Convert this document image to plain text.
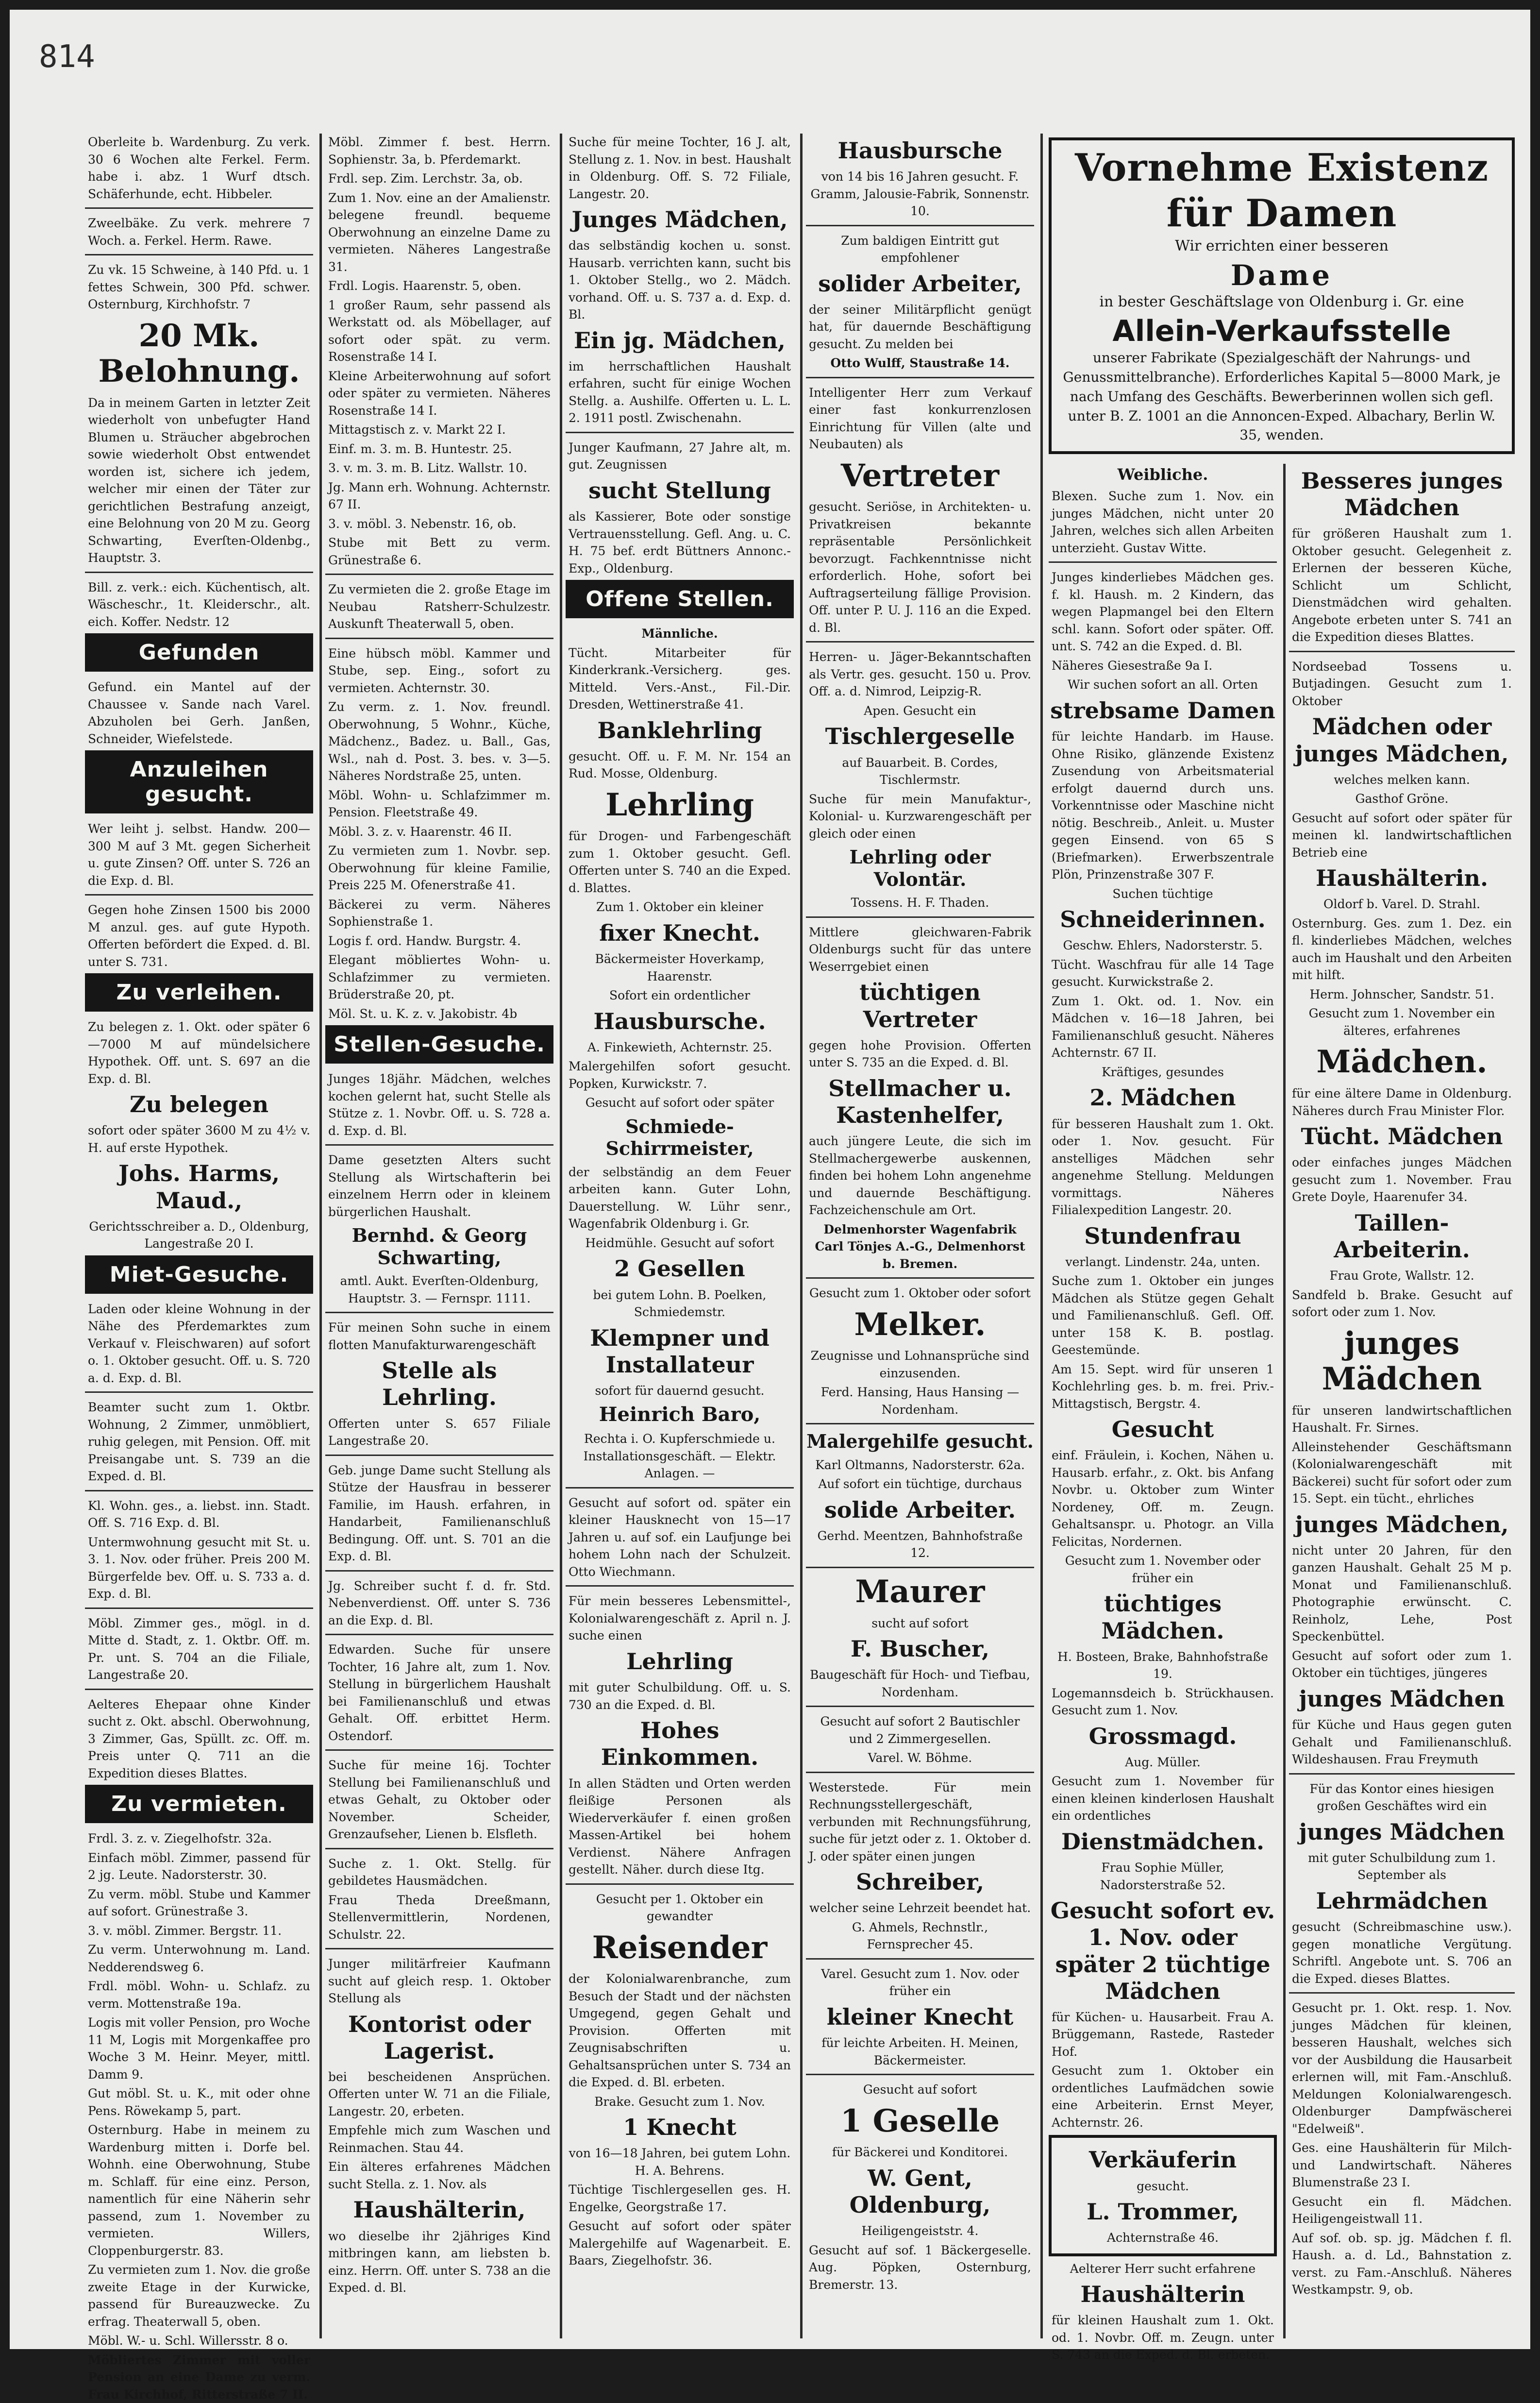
814
Oberleite b. Wardenburg. Zu verk. 30 6 Wochen alte Ferkel. Ferm. habe i. abz. 1 Wurf dtsch. Schäferhunde, echt. Hibbeler.
Zweelbäke. Zu verk. mehrere 7 Woch. a. Ferkel. Herm. Rawe.
Zu vk. 15 Schweine, à 140 Pfd. u. 1 fettes Schwein, 300 Pfd. schwer. Osternburg, Kirchhofstr. 7
20 Mk. Belohnung.
Da in meinem Garten in letzter Zeit wiederholt von unbefugter Hand Blumen u. Sträucher abgebrochen sowie wiederholt Obst entwendet worden ist, sichere ich jedem, welcher mir einen der Täter zur gerichtlichen Bestrafung anzeigt, eine Belohnung von 20 M zu. Georg Schwarting, Everſten-Oldenbg., Hauptstr. 3.
Bill. z. verk.: eich. Küchentisch, alt. Wäscheschr., 1t. Kleiderschr., alt. eich. Koffer. Nedstr. 12
Gefunden
Gefund. ein Mantel auf der Chaussee v. Sande nach Varel. Abzuholen bei Gerh. Janßen, Schneider, Wiefelstede.
Anzuleihen gesucht.
Wer leiht j. selbst. Handw. 200—300 M auf 3 Mt. gegen Sicherheit u. gute Zinsen? Off. unter S. 726 an die Exp. d. Bl.
Gegen hohe Zinsen 1500 bis 2000 M anzul. ges. auf gute Hypoth. Offerten befördert die Exped. d. Bl. unter S. 731.
Zu verleihen.
Zu belegen z. 1. Okt. oder später 6—7000 M auf mündelsichere Hypothek. Off. unt. S. 697 an die Exp. d. Bl.
Zu belegen
sofort oder später 3600 M zu 4½ v. H. auf erste Hypothek.
Johs. Harms, Maud.,
Gerichtsschreiber a. D., Oldenburg, Langestraße 20 I.
Miet-Gesuche.
Laden oder kleine Wohnung in der Nähe des Pferdemarktes zum Verkauf v. Fleischwaren) auf sofort o. 1. Oktober gesucht. Off. u. S. 720 a. d. Exp. d. Bl.
Beamter sucht zum 1. Oktbr. Wohnung, 2 Zimmer, unmöbliert, ruhig gelegen, mit Pension. Off. mit Preisangabe unt. S. 739 an die Exped. d. Bl.
Kl. Wohn. ges., a. liebst. inn. Stadt. Off. S. 716 Exp. d. Bl.
Untermwohnung gesucht mit St. u. 3. 1. Nov. oder früher. Preis 200 M. Bürgerfelde bev. Off. u. S. 733 a. d. Exp. d. Bl.
Möbl. Zimmer ges., mögl. in d. Mitte d. Stadt, z. 1. Oktbr. Off. m. Pr. unt. S. 704 an die Filiale, Langestraße 20.
Aelteres Ehepaar ohne Kinder sucht z. Okt. abschl. Oberwohnung, 3 Zimmer, Gas, Spüllt. zc. Off. m. Preis unter Q. 711 an die Expedition dieses Blattes.
Zu vermieten.
Frdl. 3. z. v. Ziegelhofstr. 32a.
Einfach möbl. Zimmer, passend für 2 jg. Leute. Nadorsterstr. 30.
Zu verm. möbl. Stube und Kammer auf sofort. Grünestraße 3.
3. v. möbl. Zimmer. Bergstr. 11.
Zu verm. Unterwohnung m. Land. Nedderendsweg 6.
Frdl. möbl. Wohn- u. Schlafz. zu verm. Mottenstraße 19a.
Logis mit voller Pension, pro Woche 11 M, Logis mit Morgenkaffee pro Woche 3 M. Heinr. Meyer, mittl. Damm 9.
Gut möbl. St. u. K., mit oder ohne Pens. Röwekamp 5, part.
Osternburg. Habe in meinem zu Wardenburg mitten i. Dorfe bel. Wohnh. eine Oberwohnung, Stube m. Schlaff. für eine einz. Person, namentlich für eine Näherin sehr passend, zum 1. November zu vermieten. Willers, Cloppenburgerstr. 83.
Zu vermieten zum 1. Nov. die große zweite Etage in der Kurwicke, passend für Bureauzwecke. Zu erfrag. Theaterwall 5, oben.
Möbl. W.- u. Schl. Willersstr. 8 o.
Möbliertes Zimmer mit voller Pension an eine Dame zu verm. Frau Kirchhof, Ritterstraße 7 II.
Möbl. Zimmer f. best. Herrn. Sophienstr. 3a, b. Pferdemarkt.
Frdl. sep. Zim. Lerchstr. 3a, ob.
Zum 1. Nov. eine an der Amalienstr. belegene freundl. bequeme Oberwohnung an einzelne Dame zu vermieten. Näheres Langestraße 31.
Frdl. Logis. Haarenstr. 5, oben.
1 großer Raum, sehr passend als Werkstatt od. als Möbellager, auf sofort oder spät. zu verm. Rosenstraße 14 I.
Kleine Arbeiterwohnung auf sofort oder später zu vermieten. Näheres Rosenstraße 14 I.
Mittagstisch z. v. Markt 22 I.
Einf. m. 3. m. B. Huntestr. 25.
3. v. m. 3. m. B. Litz. Wallstr. 10.
Jg. Mann erh. Wohnung. Achternstr. 67 II.
3. v. möbl. 3. Nebenstr. 16, ob.
Stube mit Bett zu verm. Grünestraße 6.
Zu vermieten die 2. große Etage im Neubau Ratsherr-Schulzestr. Auskunft Theaterwall 5, oben.
Eine hübsch möbl. Kammer und Stube, sep. Eing., sofort zu vermieten. Achternstr. 30.
Zu verm. z. 1. Nov. freundl. Oberwohnung, 5 Wohnr., Küche, Mädchenz., Badez. u. Ball., Gas, Wsl., nah d. Post. 3. bes. v. 3—5. Näheres Nordstraße 25, unten.
Möbl. Wohn- u. Schlafzimmer m. Pension. Fleetstraße 49.
Möbl. 3. z. v. Haarenstr. 46 II.
Zu vermieten zum 1. Novbr. sep. Oberwohnung für kleine Familie, Preis 225 M. Ofenerstraße 41.
Bäckerei zu verm. Näheres Sophienstraße 1.
Logis f. ord. Handw. Burgstr. 4.
Elegant möbliertes Wohn- u. Schlafzimmer zu vermieten. Brüderstraße 20, pt.
Möl. St. u. K. z. v. Jakobistr. 4b
Stellen-Gesuche.
Junges 18jähr. Mädchen, welches kochen gelernt hat, sucht Stelle als Stütze z. 1. Novbr. Off. u. S. 728 a. d. Exp. d. Bl.
Dame gesetzten Alters sucht Stellung als Wirtschafterin bei einzelnem Herrn oder in kleinem bürgerlichen Haushalt.
Bernhd. & Georg Schwarting,
amtl. Aukt. Everſten-Oldenburg, Hauptstr. 3. — Fernspr. 1111.
Für meinen Sohn suche in einem flotten Manufakturwarengeschäft
Stelle als Lehrling.
Offerten unter S. 657 Filiale Langestraße 20.
Geb. junge Dame sucht Stellung als Stütze der Hausfrau in besserer Familie, im Haush. erfahren, in Handarbeit, Familienanschluß Bedingung. Off. unt. S. 701 an die Exp. d. Bl.
Jg. Schreiber sucht f. d. fr. Std. Nebenverdienst. Off. unter S. 736 an die Exp. d. Bl.
Edwarden. Suche für unsere Tochter, 16 Jahre alt, zum 1. Nov. Stellung in bürgerlichem Haushalt bei Familienanschluß und etwas Gehalt. Off. erbittet Herm. Ostendorf.
Suche für meine 16j. Tochter Stellung bei Familienanschluß und etwas Gehalt, zu Oktober oder November. Scheider, Grenzaufseher, Lienen b. Elsfleth.
Suche z. 1. Okt. Stellg. für gebildetes Hausmädchen.
Frau Theda Dreeßmann, Stellenvermittlerin, Nordenen, Schulstr. 22.
Junger militärfreier Kaufmann sucht auf gleich resp. 1. Oktober Stellung als
Kontorist oder Lagerist.
bei bescheidenen Ansprüchen. Offerten unter W. 71 an die Filiale, Langestr. 20, erbeten.
Empfehle mich zum Waschen und Reinmachen. Stau 44.
Ein älteres erfahrenes Mädchen sucht Stella. z. 1. Nov. als
Haushälterin,
wo dieselbe ihr 2jähriges Kind mitbringen kann, am liebsten b. einz. Herrn. Off. unter S. 738 an die Exped. d. Bl.
Suche für meine Tochter, 16 J. alt, Stellung z. 1. Nov. in best. Haushalt in Oldenburg. Off. S. 72 Filiale, Langestr. 20.
Junges Mädchen,
das selbständig kochen u. sonst. Hausarb. verrichten kann, sucht bis 1. Oktober Stellg., wo 2. Mädch. vorhand. Off. u. S. 737 a. d. Exp. d. Bl.
Ein jg. Mädchen,
im herrschaftlichen Haushalt erfahren, sucht für einige Wochen Stellg. a. Aushilfe. Offerten u. L. L. 2. 1911 postl. Zwischenahn.
Junger Kaufmann, 27 Jahre alt, m. gut. Zeugnissen
sucht Stellung
als Kassierer, Bote oder sonstige Vertrauensstellung. Gefl. Ang. u. C. H. 75 bef. erdt Büttners Annonc.-Exp., Oldenburg.
Offene Stellen.
Männliche.
Tücht. Mitarbeiter für Kinderkrank.-Versicherg. ges. Mitteld. Vers.-Anst., Fil.-Dir. Dresden, Wettinerstraße 41.
Banklehrling
gesucht. Off. u. F. M. Nr. 154 an Rud. Mosse, Oldenburg.
Lehrling
für Drogen- und Farbengeschäft zum 1. Oktober gesucht. Gefl. Offerten unter S. 740 an die Exped. d. Blattes.
Zum 1. Oktober ein kleiner
fixer Knecht.
Bäckermeister Hoverkamp, Haarenstr.
Sofort ein ordentlicher
Hausbursche.
A. Finkewieth, Achternstr. 25.
Malergehilfen sofort gesucht. Popken, Kurwickstr. 7.
Gesucht auf sofort oder später
Schmiede-Schirrmeister,
der selbständig an dem Feuer arbeiten kann. Guter Lohn, Dauerstellung. W. Lühr senr., Wagenfabrik Oldenburg i. Gr.
Heidmühle. Gesucht auf sofort
2 Gesellen
bei gutem Lohn. B. Poelken, Schmiedemstr.
Klempner und Installateur
sofort für dauernd gesucht.
Heinrich Baro,
Rechta i. O. Kupferschmiede u. Installationsgeschäft. — Elektr. Anlagen. —
Gesucht auf sofort od. später ein kleiner Hausknecht von 15—17 Jahren u. auf sof. ein Laufjunge bei hohem Lohn nach der Schulzeit. Otto Wiechmann.
Für mein besseres Lebensmittel-, Kolonialwarengeschäft z. April n. J. suche einen
Lehrling
mit guter Schulbildung. Off. u. S. 730 an die Exped. d. Bl.
Hohes Einkommen.
In allen Städten und Orten werden fleißige Personen als Wiederverkäufer f. einen großen Massen-Artikel bei hohem Verdienst. Nähere Anfragen gestellt. Näher. durch diese Itg.
Gesucht per 1. Oktober ein gewandter
Reisender
der Kolonialwarenbranche, zum Besuch der Stadt und der nächsten Umgegend, gegen Gehalt und Provision. Offerten mit Zeugnisabschriften u. Gehaltsansprüchen unter S. 734 an die Exped. d. Bl. erbeten.
Brake. Gesucht zum 1. Nov.
1 Knecht
von 16—18 Jahren, bei gutem Lohn. H. A. Behrens.
Tüchtige Tischlergesellen ges. H. Engelke, Georgstraße 17.
Gesucht auf sofort oder später Malergehilfe auf Wagenarbeit. E. Baars, Ziegelhofstr. 36.
Hausbursche
von 14 bis 16 Jahren gesucht. F. Gramm, Jalousie-Fabrik, Sonnenstr. 10.
Zum baldigen Eintritt gut empfohlener
solider Arbeiter,
der seiner Militärpflicht genügt hat, für dauernde Beschäftigung gesucht. Zu melden bei
Otto Wulff, Staustraße 14.
Intelligenter Herr zum Verkauf einer fast konkurrenzlosen Einrichtung für Villen (alte und Neubauten) als
Vertreter
gesucht. Seriöse, in Architekten- u. Privatkreisen bekannte repräsentable Persönlichkeit bevorzugt. Fachkenntnisse nicht erforderlich. Hohe, sofort bei Auftragserteilung fällige Provision. Off. unter P. U. J. 116 an die Exped. d. Bl.
Herren- u. Jäger-Bekanntschaften als Vertr. ges. gesucht. 150 u. Prov. Off. a. d. Nimrod, Leipzig-R.
Apen. Gesucht ein
Tischlergeselle
auf Bauarbeit. B. Cordes, Tischlermstr.
Suche für mein Manufaktur-, Kolonial- u. Kurzwarengeschäft per gleich oder einen
Lehrling oder Volontär.
Tossens. H. F. Thaden.
Mittlere gleichwaren-Fabrik Oldenburgs sucht für das untere Weserrgebiet einen
tüchtigen Vertreter
gegen hohe Provision. Offerten unter S. 735 an die Exped. d. Bl.
Stellmacher u. Kastenhelfer,
auch jüngere Leute, die sich im Stellmachergewerbe auskennen, finden bei hohem Lohn angenehme und dauernde Beschäftigung. Fachzeichenschule am Ort.
Delmenhorster Wagenfabrik Carl Tönjes A.-G., Delmenhorst b. Bremen.
Gesucht zum 1. Oktober oder sofort
Melker.
Zeugnisse und Lohnansprüche sind einzusenden.
Ferd. Hansing, Haus Hansing — Nordenham.
Malergehilfe gesucht.
Karl Oltmanns, Nadorsterstr. 62a.
Auf sofort ein tüchtige, durchaus
solide Arbeiter.
Gerhd. Meentzen, Bahnhofstraße 12.
Maurer
sucht auf sofort
F. Buscher,
Baugeschäft für Hoch- und Tiefbau, Nordenham.
Gesucht auf sofort 2 Bautischler und 2 Zimmergesellen.
Varel. W. Böhme.
Westerstede. Für mein Rechnungsstellergeschäft, verbunden mit Rechnungsführung, suche für jetzt oder z. 1. Oktober d. J. oder später einen jungen
Schreiber,
welcher seine Lehrzeit beendet hat.
G. Ahmels, Rechnstlr., Fernsprecher 45.
Varel. Gesucht zum 1. Nov. oder früher ein
kleiner Knecht
für leichte Arbeiten. H. Meinen, Bäckermeister.
Gesucht auf sofort
1 Geselle
für Bäckerei und Konditorei.
W. Gent, Oldenburg,
Heiligengeiststr. 4.
Gesucht auf sof. 1 Bäckergeselle. Aug. Pöpken, Osternburg, Bremerstr. 13.
Vornehme Existenz für Damen
Wir errichten einer besseren
Dame
in bester Geschäftslage von Oldenburg i. Gr. eine
Allein-Verkaufsstelle
unserer Fabrikate (Spezialgeschäft der Nahrungs- und Genussmittelbranche). Erforderliches Kapital 5—8000 Mark, je nach Umfang des Geschäfts. Bewerberinnen wollen sich gefl. unter B. Z. 1001 an die Annoncen-Exped. Albachary, Berlin W. 35, wenden.
Weibliche.
Blexen. Suche zum 1. Nov. ein junges Mädchen, nicht unter 20 Jahren, welches sich allen Arbeiten unterzieht. Gustav Witte.
Junges kinderliebes Mädchen ges. f. kl. Haush. m. 2 Kindern, das wegen Plapmangel bei den Eltern schl. kann. Sofort oder später. Off. unt. S. 742 an die Exped. d. Bl.
Näheres Giesestraße 9a I.
Wir suchen sofort an all. Orten
strebsame Damen
für leichte Handarb. im Hause. Ohne Risiko, glänzende Existenz Zusendung von Arbeitsmaterial erfolgt dauernd durch uns. Vorkenntnisse oder Maschine nicht nötig. Beschreib., Anleit. u. Muster gegen Einsend. von 65 S (Briefmarken). Erwerbszentrale Plön, Prinzenstraße 307 F.
Suchen tüchtige
Schneiderinnen.
Geschw. Ehlers, Nadorsterstr. 5.
Tücht. Waschfrau für alle 14 Tage gesucht. Kurwickstraße 2.
Zum 1. Okt. od. 1. Nov. ein Mädchen v. 16—18 Jahren, bei Familienanschluß gesucht. Näheres Achternstr. 67 II.
Kräftiges, gesundes
2. Mädchen
für besseren Haushalt zum 1. Okt. oder 1. Nov. gesucht. Für anstelliges Mädchen sehr angenehme Stellung. Meldungen vormittags. Näheres Filialexpedition Langestr. 20.
Stundenfrau
verlangt. Lindenstr. 24a, unten.
Suche zum 1. Oktober ein junges Mädchen als Stütze gegen Gehalt und Familienanschluß. Gefl. Off. unter 158 K. B. postlag. Geestemünde.
Am 15. Sept. wird für unseren 1 Kochlehrling ges. b. m. frei. Priv.-Mittagstisch, Bergstr. 4.
Gesucht
einf. Fräulein, i. Kochen, Nähen u. Hausarb. erfahr., z. Okt. bis Anfang Novbr. u. Oktober zum Winter Nordeney, Off. m. Zeugn. Gehaltsanspr. u. Photogr. an Villa Felicitas, Nordernen.
Gesucht zum 1. November oder früher ein
tüchtiges Mädchen.
H. Bosteen, Brake, Bahnhofstraße 19.
Logemannsdeich b. Strückhausen. Gesucht zum 1. Nov.
Grossmagd.
Aug. Müller.
Gesucht zum 1. November für einen kleinen kinderlosen Haushalt ein ordentliches
Dienstmädchen.
Frau Sophie Müller, Nadorsterstraße 52.
Gesucht sofort ev. 1. Nov. oder später 2 tüchtige Mädchen
für Küchen- u. Hausarbeit. Frau A. Brüggemann, Rastede, Rasteder Hof.
Gesucht zum 1. Oktober ein ordentliches Laufmädchen sowie eine Arbeiterin. Ernst Meyer, Achternstr. 26.
Verkäuferin
gesucht.
L. Trommer,
Achternstraße 46.
Aelterer Herr sucht erfahrene
Haushälterin
für kleinen Haushalt zum 1. Okt. od. 1. Novbr. Off. m. Zeugn. unter S. 743 an die Exped. d. Bl. erbeten.
Besseres junges Mädchen
für größeren Haushalt zum 1. Oktober gesucht. Gelegenheit z. Erlernen der besseren Küche, Schlicht um Schlicht, Dienstmädchen wird gehalten. Angebote erbeten unter S. 741 an die Expedition dieses Blattes.
Nordseebad Tossens u. Butjadingen. Gesucht zum 1. Oktober
Mädchen oder junges Mädchen,
welches melken kann.
Gasthof Gröne.
Gesucht auf sofort oder später für meinen kl. landwirtschaftlichen Betrieb eine
Haushälterin.
Oldorf b. Varel. D. Strahl.
Osternburg. Ges. zum 1. Dez. ein fl. kinderliebes Mädchen, welches auch im Haushalt und den Arbeiten mit hilft.
Herm. Johnscher, Sandstr. 51.
Gesucht zum 1. November ein älteres, erfahrenes
Mädchen.
für eine ältere Dame in Oldenburg. Näheres durch Frau Minister Flor.
Tücht. Mädchen
oder einfaches junges Mädchen gesucht zum 1. November. Frau Grete Doyle, Haarenufer 34.
Taillen-Arbeiterin.
Frau Grote, Wallstr. 12.
Sandfeld b. Brake. Gesucht auf sofort oder zum 1. Nov.
junges Mädchen
für unseren landwirtschaftlichen Haushalt. Fr. Sirnes.
Alleinstehender Geschäftsmann (Kolonialwarengeschäft mit Bäckerei) sucht für sofort oder zum 15. Sept. ein tücht., ehrliches
junges Mädchen,
nicht unter 20 Jahren, für den ganzen Haushalt. Gehalt 25 M p. Monat und Familienanschluß. Photographie erwünscht. C. Reinholz, Lehe, Post Speckenbüttel.
Gesucht auf sofort oder zum 1. Oktober ein tüchtiges, jüngeres
junges Mädchen
für Küche und Haus gegen guten Gehalt und Familienanschluß. Wildeshausen. Frau Freymuth
Für das Kontor eines hiesigen großen Geschäftes wird ein
junges Mädchen
mit guter Schulbildung zum 1. September als
Lehrmädchen
gesucht (Schreibmaschine usw.). gegen monatliche Vergütung. Schriftl. Angebote unt. S. 706 an die Exped. dieses Blattes.
Gesucht pr. 1. Okt. resp. 1. Nov. junges Mädchen für kleinen, besseren Haushalt, welches sich vor der Ausbildung die Hausarbeit erlernen will, mit Fam.-Anschluß. Meldungen Kolonialwarengesch. Oldenburger Dampfwäscherei "Edelweiß".
Ges. eine Haushälterin für Milch- und Landwirtschaft. Näheres Blumenstraße 23 I.
Gesucht ein fl. Mädchen. Heiligengeistwall 11.
Auf sof. ob. sp. jg. Mädchen f. fl. Haush. a. d. Ld., Bahnstation z. verst. zu Fam.-Anschluß. Näheres Westkampstr. 9, ob.
